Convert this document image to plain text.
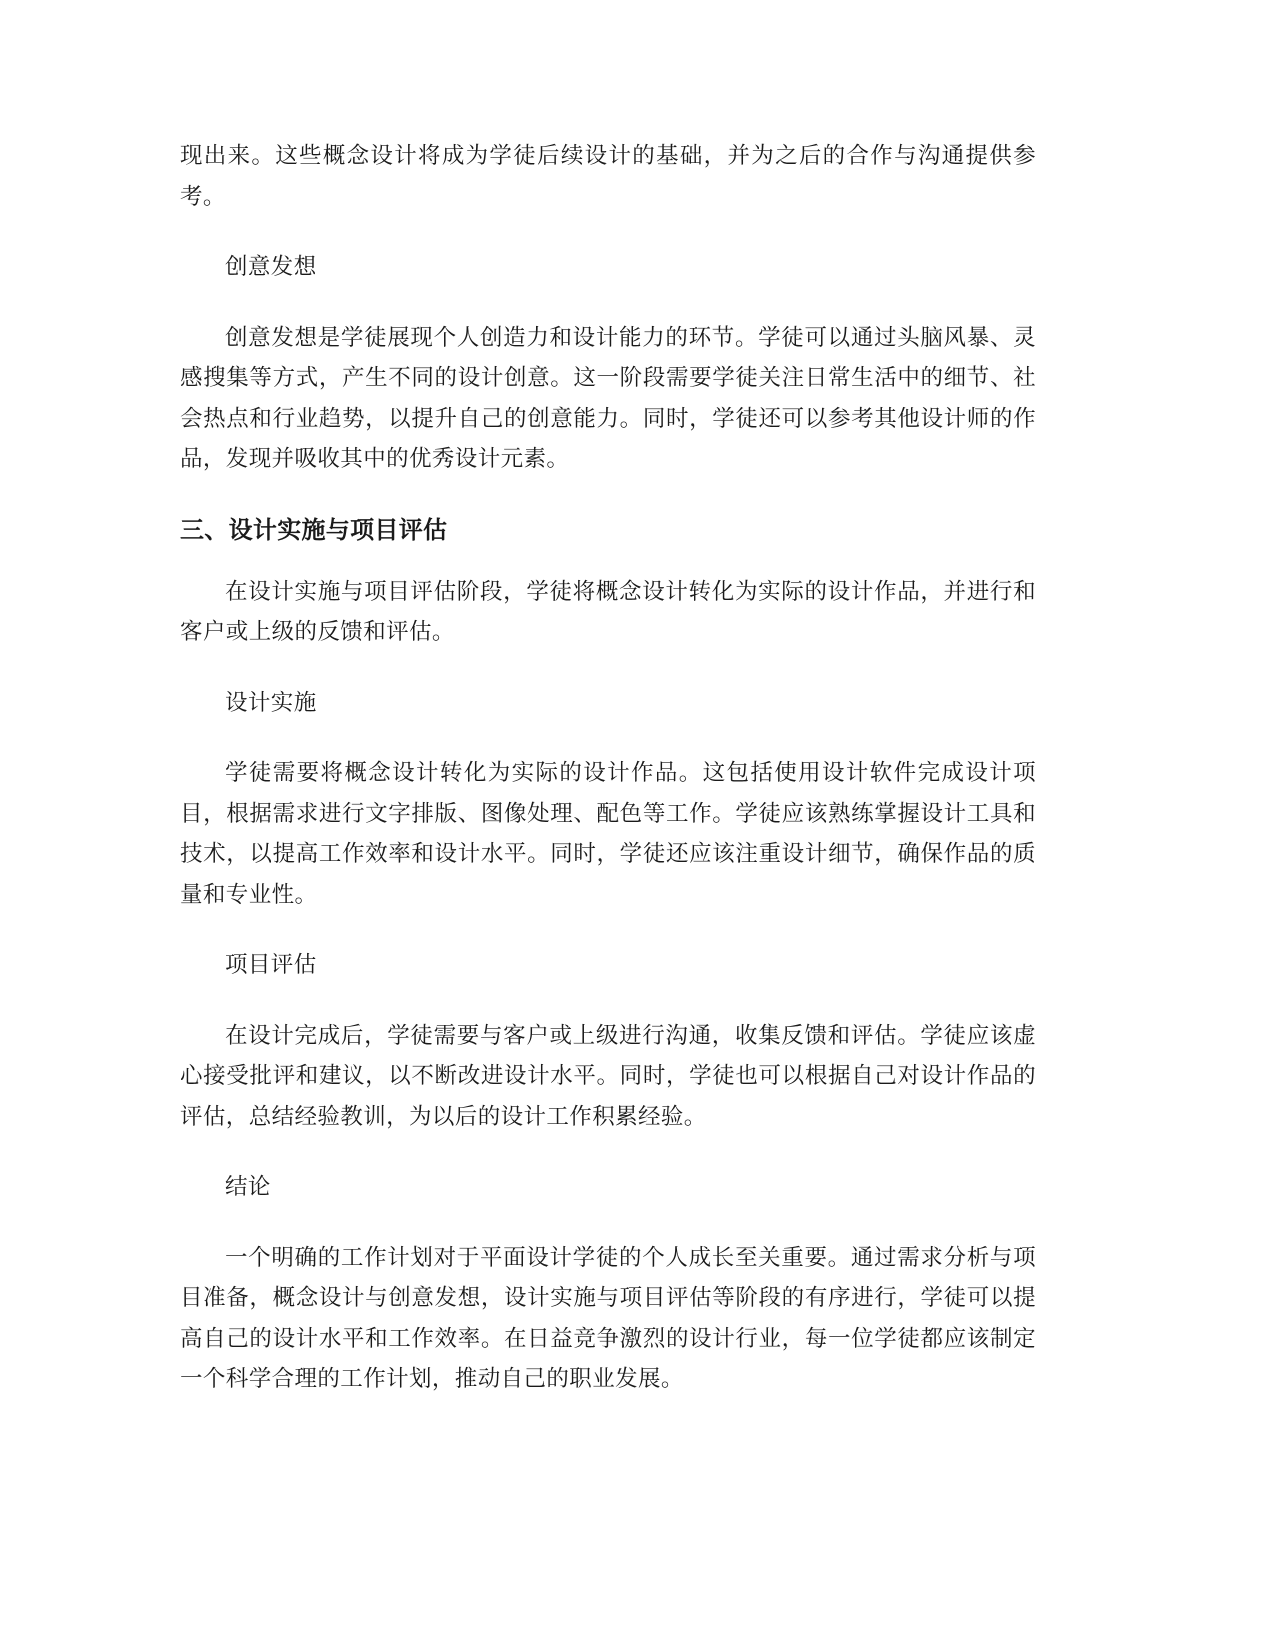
现出来。这些概念设计将成为学徒后续设计的基础，并为之后的合作与沟通提供参考。

创意发想

创意发想是学徒展现个人创造力和设计能力的环节。学徒可以通过头脑风暴、灵感搜集等方式，产生不同的设计创意。这一阶段需要学徒关注日常生活中的细节、社会热点和行业趋势，以提升自己的创意能力。同时，学徒还可以参考其他设计师的作品，发现并吸收其中的优秀设计元素。

三、设计实施与项目评估

在设计实施与项目评估阶段，学徒将概念设计转化为实际的设计作品，并进行和客户或上级的反馈和评估。

设计实施

学徒需要将概念设计转化为实际的设计作品。这包括使用设计软件完成设计项目，根据需求进行文字排版、图像处理、配色等工作。学徒应该熟练掌握设计工具和技术，以提高工作效率和设计水平。同时，学徒还应该注重设计细节，确保作品的质量和专业性。

项目评估

在设计完成后，学徒需要与客户或上级进行沟通，收集反馈和评估。学徒应该虚心接受批评和建议，以不断改进设计水平。同时，学徒也可以根据自己对设计作品的评估，总结经验教训，为以后的设计工作积累经验。

结论

一个明确的工作计划对于平面设计学徒的个人成长至关重要。通过需求分析与项目准备，概念设计与创意发想，设计实施与项目评估等阶段的有序进行，学徒可以提高自己的设计水平和工作效率。在日益竞争激烈的设计行业，每一位学徒都应该制定一个科学合理的工作计划，推动自己的职业发展。
